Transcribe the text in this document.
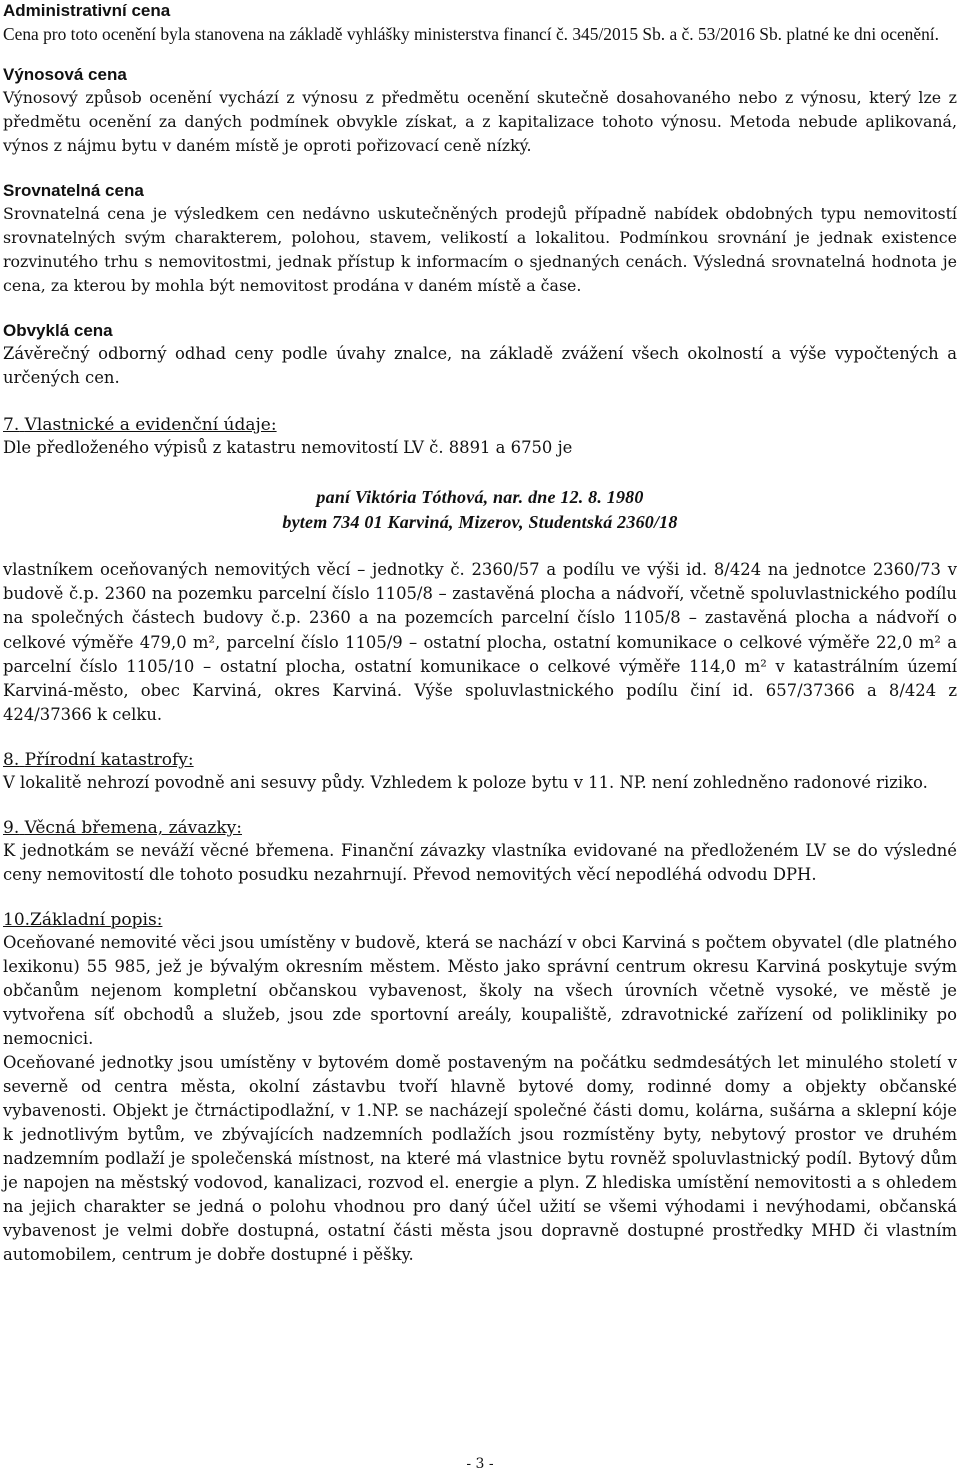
Administrativní cena

Cena pro toto ocenění byla stanovena na základě vyhlášky ministerstva financí č. 345/2015 Sb. a č. 53/2016 Sb. platné ke dni ocenění.

Výnosová cena

Výnosový způsob ocenění vychází z výnosu z předmětu ocenění skutečně dosahovaného nebo z výnosu, který lze z předmětu ocenění za daných podmínek obvykle získat, a z kapitalizace tohoto výnosu. Metoda nebude aplikovaná, výnos z nájmu bytu v daném místě je oproti pořizovací ceně nízký.

Srovnatelná cena

Srovnatelná cena je výsledkem cen nedávno uskutečněných prodejů případně nabídek obdobných typu nemovitostí srovnatelných svým charakterem, polohou, stavem, velikostí a lokalitou. Podmínkou srovnání je jednak existence rozvinutého trhu s nemovitostmi, jednak přístup k informacím o sjednaných cenách. Výsledná srovnatelná hodnota je cena, za kterou by mohla být nemovitost prodána v daném místě a čase.

Obvyklá cena

Závěrečný odborný odhad ceny podle úvahy znalce, na základě zvážení všech okolností a výše vypočtených a určených cen.

7. Vlastnické a evidenční údaje:

Dle předloženého výpisů z katastru nemovitostí LV č. 8891 a 6750 je

paní Viktória Tóthová, nar. dne 12. 8. 1980
bytem 734 01 Karviná, Mizerov, Studentská 2360/18

vlastníkem oceňovaných nemovitých věcí – jednotky č. 2360/57 a podílu ve výši id. 8/424 na jednotce 2360/73 v budově č.p. 2360 na pozemku parcelní číslo 1105/8 – zastavěná plocha a nádvoří, včetně spoluvlastnického podílu na společných částech budovy č.p. 2360 a na pozemcích parcelní číslo 1105/8 – zastavěná plocha a nádvoří o celkové výměře 479,0 m², parcelní číslo 1105/9 – ostatní plocha, ostatní komunikace o celkové výměře 22,0 m² a parcelní číslo 1105/10 – ostatní plocha, ostatní komunikace o celkové výměře 114,0 m² v katastrálním území Karviná-město, obec Karviná, okres Karviná. Výše spoluvlastnického podílu činí id. 657/37366 a 8/424 z 424/37366 k celku.

8. Přírodní katastrofy:

V lokalitě nehrozí povodně ani sesuvy půdy. Vzhledem k poloze bytu v 11. NP. není zohledněno radonové riziko.

9. Věcná břemena, závazky:

K jednotkám se neváží věcné břemena. Finanční závazky vlastníka evidované na předloženém LV se do výsledné ceny nemovitostí dle tohoto posudku nezahrnují. Převod nemovitých věcí nepodléhá odvodu DPH.

10.Základní popis:

Oceňované nemovité věci jsou umístěny v budově, která se nachází v obci Karviná s počtem obyvatel (dle platného lexikonu) 55 985, jež je bývalým okresním městem. Město jako správní centrum okresu Karviná poskytuje svým občanům nejenom kompletní občanskou vybavenost, školy na všech úrovních včetně vysoké, ve městě je vytvořena síť obchodů a služeb, jsou zde sportovní areály, koupaliště, zdravotnické zařízení od polikliniky po nemocnici.

Oceňované jednotky jsou umístěny v bytovém domě postaveným na počátku sedmdesátých let minulého století v severně od centra města, okolní zástavbu tvoří hlavně bytové domy, rodinné domy a objekty občanské vybavenosti. Objekt je čtrnáctipodlažní, v 1.NP. se nacházejí společné části domu, kolárna, sušárna a sklepní kóje k jednotlivým bytům, ve zbývajících nadzemních podlažích jsou rozmístěny byty, nebytový prostor ve druhém nadzemním podlaží je společenská místnost, na které má vlastnice bytu rovněž spoluvlastnický podíl. Bytový dům je napojen na městský vodovod, kanalizaci, rozvod el. energie a plyn. Z hlediska umístění nemovitosti a s ohledem na jejich charakter se jedná o polohu vhodnou pro daný účel užití se všemi výhodami i nevýhodami, občanská vybavenost je velmi dobře dostupná, ostatní části města jsou dopravně dostupné prostředky MHD či vlastním automobilem, centrum je dobře dostupné i pěšky.

- 3 -
